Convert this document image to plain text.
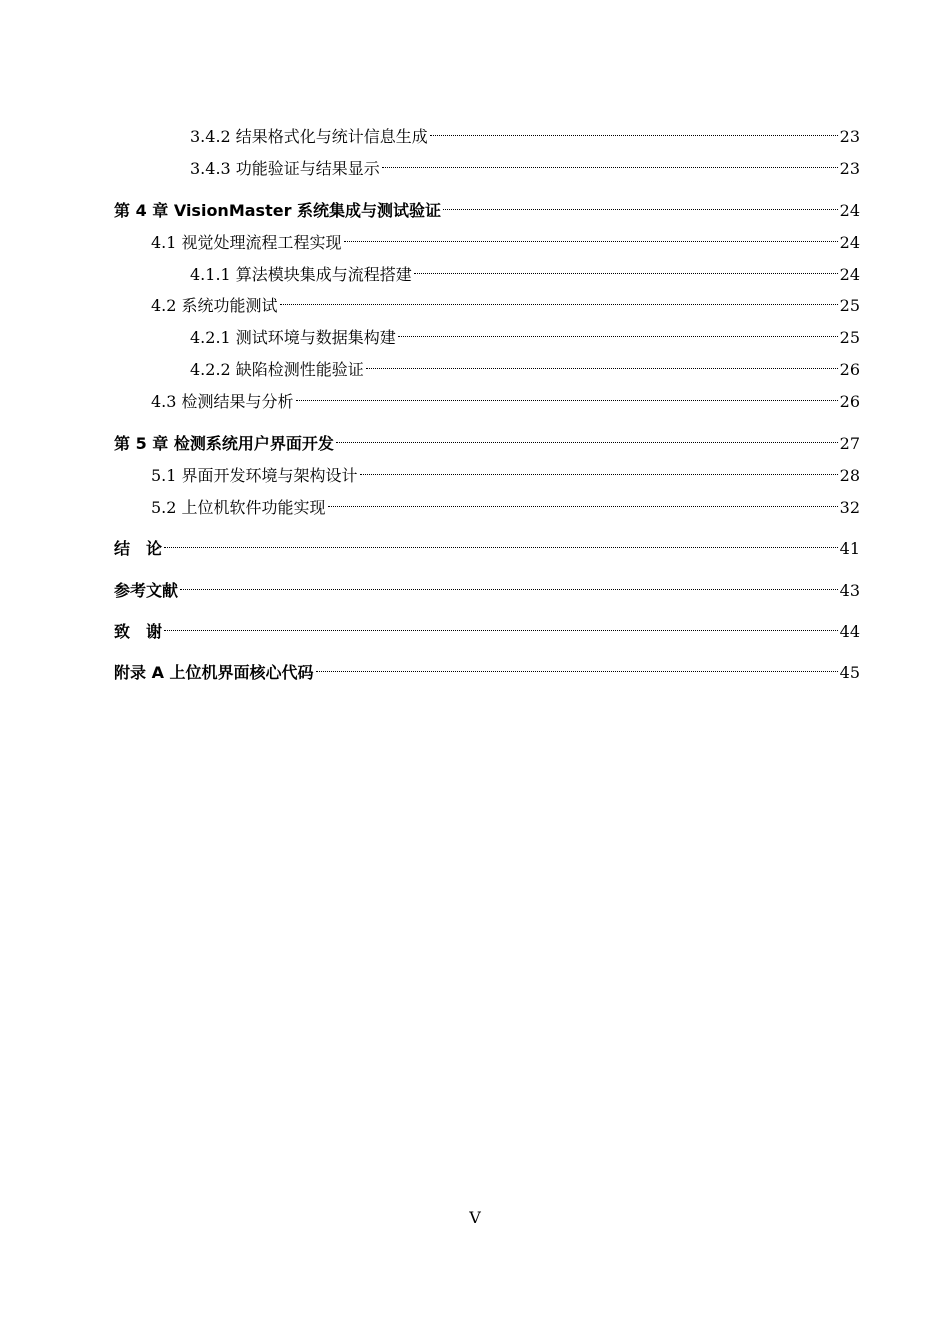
3.4.2 结果格式化与统计信息生成	23
3.4.3 功能验证与结果显示	23
第 4 章 VisionMaster 系统集成与测试验证	24
4.1 视觉处理流程工程实现	24
4.1.1 算法模块集成与流程搭建	24
4.2 系统功能测试	25
4.2.1 测试环境与数据集构建	25
4.2.2 缺陷检测性能验证	26
4.3 检测结果与分析	26
第 5 章 检测系统用户界面开发	27
5.1 界面开发环境与架构设计	28
5.2 上位机软件功能实现	32
结　论	41
参考文献	43
致　谢	44
附录 A 上位机界面核心代码	45
V
